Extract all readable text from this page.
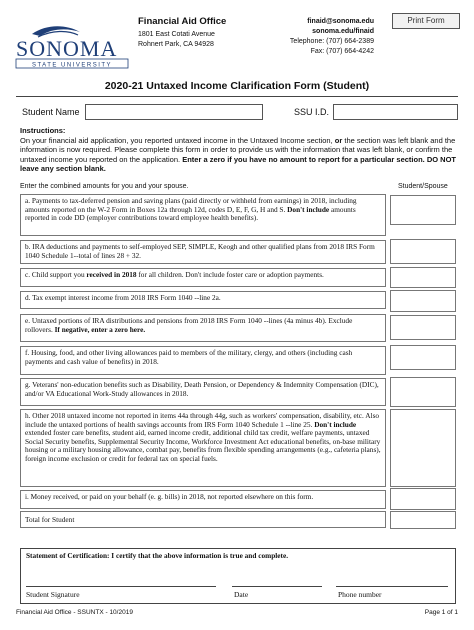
SONOMA
STATE UNIVERSITY
Financial Aid Office
1801 East Cotati Avenue
Rohnert Park, CA 94928
finaid@sonoma.edu
sonoma.edu/finaid
Telephone: (707) 664-2389
Fax: (707) 664-4242
Print Form
2020-21 Untaxed Income Clarification Form (Student)
Student Name	SSU I.D.
Instructions:
On your financial aid application, you reported untaxed income in the Untaxed Income section, or the section was left blank and the information is now required. Please complete this form in order to provide us with the information that was left blank, or confirm the untaxed income you reported on the application. Enter a zero if you have no amount to report for a particular section. DO NOT leave any section blank.
Enter the combined amounts for you and your spouse.	Student/Spouse
a. Payments to tax-deferred pension and saving plans (paid directly or withheld from earnings) in 2018, including amounts reported on the W-2 Form in Boxes 12a through 12d, codes D, E, F, G, H and S. Don't include amounts reported in code DD (employer contributions toward employee health benefits).
b. IRA deductions and payments to self-employed SEP, SIMPLE, Keogh and other qualified plans from 2018 IRS Form 1040 Schedule 1--total of lines 28 + 32.
c. Child support you received in 2018 for all children. Don't include foster care or adoption payments.
d. Tax exempt interest income from 2018 IRS Form 1040 --line 2a.
e. Untaxed portions of IRA distributions and pensions from 2018 IRS Form 1040 --lines (4a minus 4b). Exclude rollovers. If negative, enter a zero here.
f. Housing, food, and other living allowances paid to members of the military, clergy, and others (including cash payments and cash value of benefits) in 2018.
g. Veterans' non-education benefits such as Disability, Death Pension, or Dependency & Indemnity Compensation (DIC), and/or VA Educational Work-Study allowances in 2018.
h. Other 2018 untaxed income not reported in items 44a through 44g, such as workers' compensation, disability, etc. Also include the untaxed portions of health savings accounts from IRS Form 1040 Schedule 1 --line 25. Don't include extended foster care benefits, student aid, earned income credit, additional child tax credit, welfare payments, untaxed Social Security benefits, Supplemental Security Income, Workforce Investment Act educational benefits, on-base military housing or a military housing allowance, combat pay, benefits from flexible spending arrangements (e.g., cafeteria plans), foreign income exclusion or credit for federal tax on special fuels.
i. Money received, or paid on your behalf (e. g. bills) in 2018, not reported elsewhere on this form.
Total for Student
Statement of Certification: I certify that the above information is true and complete.
Student Signature	Date	Phone number
Financial Aid Office - SSUNTX - 10/2019	Page 1 of 1
